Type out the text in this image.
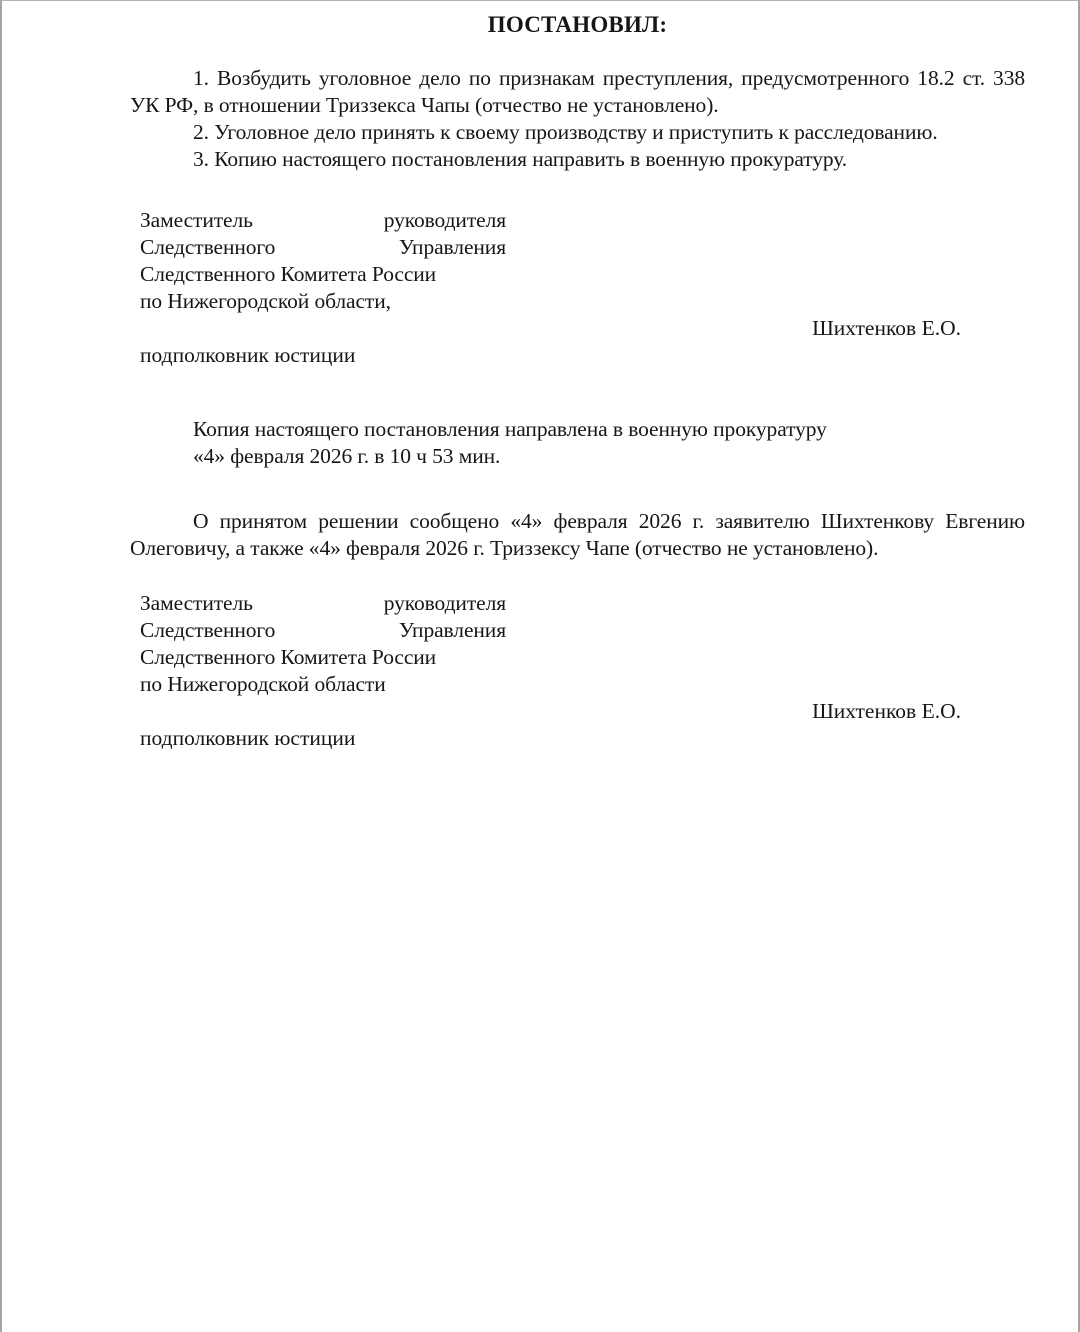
ПОСТАНОВИЛ:

1. Возбудить уголовное дело по признакам преступления, предусмотренного 18.2 ст. 338 УК РФ, в отношении Триззекса Чапы (отчество не установлено).

2. Уголовное дело принять к своему производству и приступить к расследованию.

3. Копию настоящего постановления направить в военную прокуратуру.

Заместитель	руководителя
Следственного	Управления
Следственного Комитета России
по Нижегородской области,
Шихтенков Е.О.
подполковник юстиции

Копия настоящего постановления направлена в военную прокуратуру

«4» февраля 2026 г. в 10 ч 53 мин.

О принятом решении сообщено «4» февраля 2026 г. заявителю Шихтенкову Евгению Олеговичу, а также «4» февраля 2026 г. Триззексу Чапе (отчество не установлено).

Заместитель	руководителя
Следственного	Управления
Следственного Комитета России
по Нижегородской области
Шихтенков Е.О.
подполковник юстиции
